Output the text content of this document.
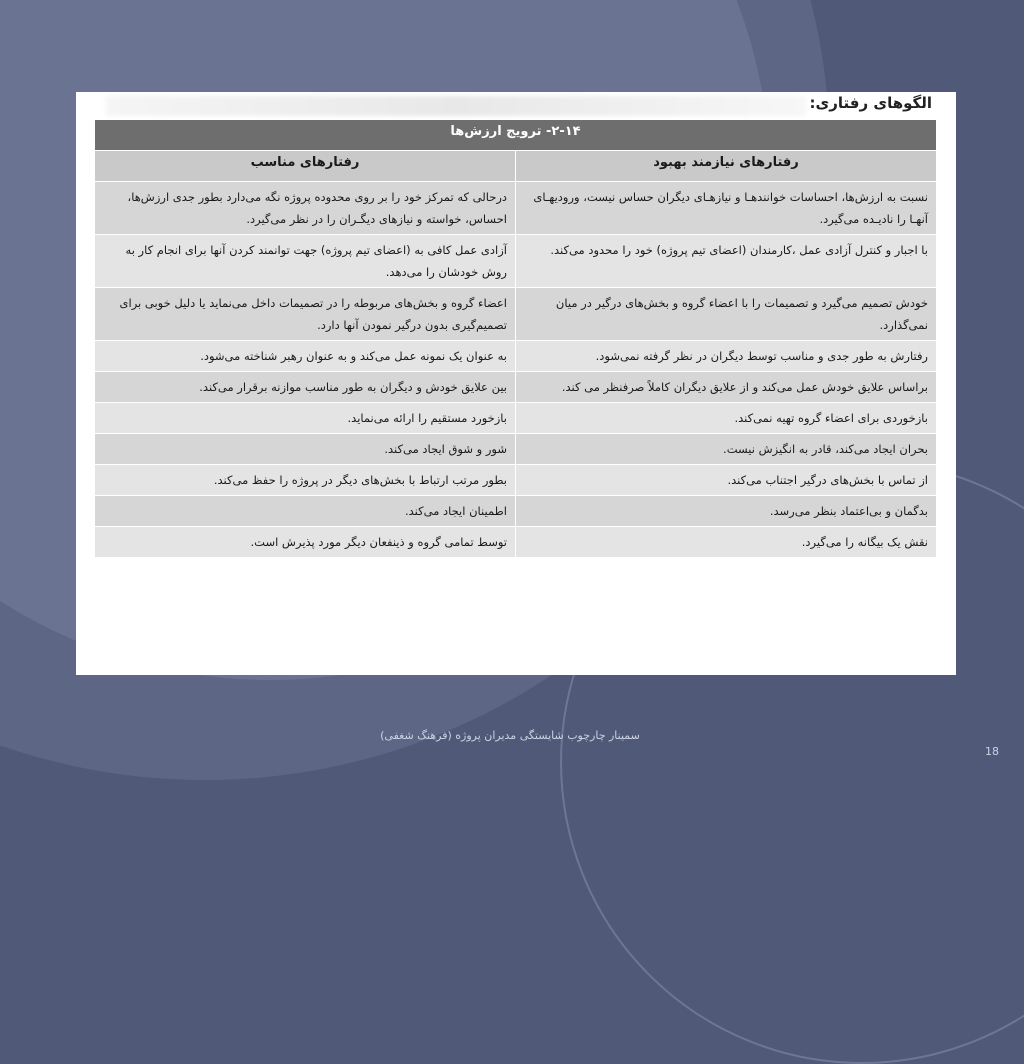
الگوهای رفتاری:
۲-۱۴- ترویج ارزش‌ها	
رفتارهای نیازمند بهبود	رفتارهای مناسب
نسبت به ارزش‌ها، احساسات خوانندهـا و نیازهـای دیگران حساس نیست، ورودیهـای آنهـا را نادیـده می‌گیرد.	درحالی که تمرکز خود را بر روی محدوده پروژه نگه می‌دارد بطور جدی ارزش‌ها، احساس، خواسته و نیازهای دیگـران را در نظر می‌گیرد.
با اجبار و کنترل آزادی عمل ،کارمندان (اعضای تیم پروژه) خود را محدود می‌کند.	آزادی عمل کافی به (اعضای تیم پروژه) جهت توانمند کردن آنها برای انجام کار به روش خودشان را می‌دهد.
خودش تصمیم می‌گیرد و تصمیمات را با اعضاء گروه و بخش‌های درگیر در میان نمی‌گذارد.	اعضاء گروه و بخش‌های مربوطه را در تصمیمات داخل می‌نماید یا دلیل خوبی برای تصمیم‌گیری بدون درگیر نمودن آنها دارد.
رفتارش به طور جدی و مناسب توسط دیگران در نظر گرفته نمی‌شود.	به عنوان یک نمونه عمل می‌کند و به عنوان رهبر شناخته می‌شود.
براساس علایق خودش عمل می‌کند و از علایق دیگران کاملاً صرفنظر می کند.	بین علایق خودش و دیگران به طور مناسب موازنه برقرار می‌کند.
بازخوردی برای اعضاء گروه تهیه نمی‌کند.	بازخورد مستقیم را ارائه می‌نماید.
بحران ایجاد می‌کند، قادر به انگیزش نیست.	شور و شوق ایجاد می‌کند.
از تماس با بخش‌های درگیر اجتناب می‌کند.	بطور مرتب ارتباط با بخش‌های دیگر در پروژه را حفظ می‌کند.
بدگمان و بی‌اعتماد بنظر می‌رسد.	اطمینان ایجاد می‌کند.
نقش یک بیگانه را می‌گیرد.	توسط تمامی گروه و ذینفعان دیگر مورد پذیرش است.
سمینار چارچوب شایستگی مدیران پروژه (فرهنگ شغفی)
18
